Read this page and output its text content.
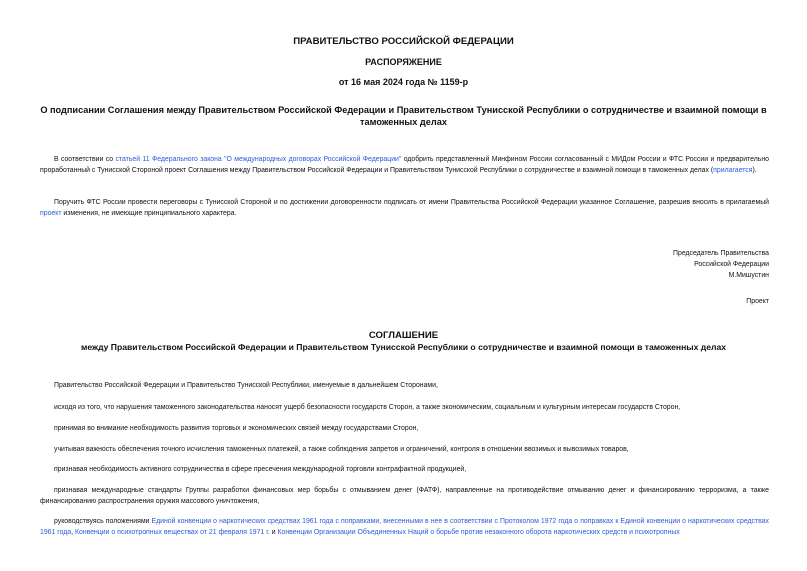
ПРАВИТЕЛЬСТВО РОССИЙСКОЙ ФЕДЕРАЦИИ
РАСПОРЯЖЕНИЕ
от 16 мая 2024 года № 1159-р
О подписании Соглашения между Правительством Российской Федерации и Правительством Тунисской Республики о сотрудничестве и взаимной помощи в таможенных делах
В соответствии со статьей 11 Федерального закона "О международных договорах Российской Федерации" одобрить представленный Минфином России согласованный с МИДом России и ФТС России и предварительно проработанный с Тунисской Стороной проект Соглашения между Правительством Российской Федерации и Правительством Тунисской Республики о сотрудничестве и взаимной помощи в таможенных делах (прилагается).
Поручить ФТС России провести переговоры с Тунисской Стороной и по достижении договоренности подписать от имени Правительства Российской Федерации указанное Соглашение, разрешив вносить в прилагаемый проект изменения, не имеющие принципиального характера.
Председатель Правительства
Российской Федерации
М.Мишустин
Проект
СОГЛАШЕНИЕ
между Правительством Российской Федерации и Правительством Тунисской Республики о сотрудничестве и взаимной помощи в таможенных делах
Правительство Российской Федерации и Правительство Тунисской Республики, именуемые в дальнейшем Сторонами,
исходя из того, что нарушения таможенного законодательства наносят ущерб безопасности государств Сторон, а также экономическим, социальным и культурным интересам государств Сторон,
принимая во внимание необходимость развития торговых и экономических связей между государствами Сторон,
учитывая важность обеспечения точного исчисления таможенных платежей, а также соблюдения запретов и ограничений, контроля в отношении ввозимых и вывозимых товаров,
признавая необходимость активного сотрудничества в сфере пресечения международной торговли контрафактной продукцией,
признавая международные стандарты Группы разработки финансовых мер борьбы с отмыванием денег (ФАТФ), направленные на противодействие отмыванию денег и финансированию терроризма, а также финансированию распространения оружия массового уничтожения,
руководствуясь положениями Единой конвенции о наркотических средствах 1961 года с поправками, внесенными в нее в соответствии с Протоколом 1972 года о поправках к Единой конвенции о наркотических средствах 1961 года, Конвенции о психотропных веществах от 21 февраля 1971 г. и Конвенции Организации Объединенных Наций о борьбе против незаконного оборота наркотических средств и психотропных
